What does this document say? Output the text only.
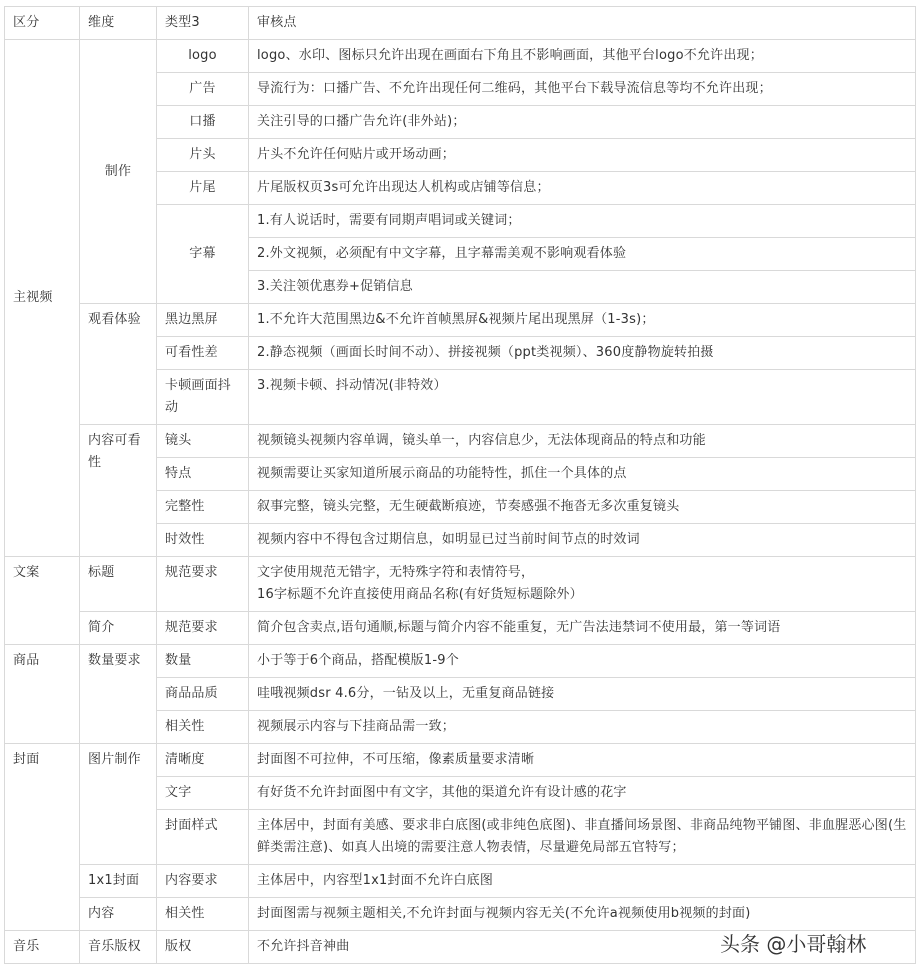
区分	维度	类型3	审核点
主视频	制作	logo	logo、水印、图标只允许出现在画面右下角且不影响画面，其他平台logo不允许出现；
		广告	导流行为：口播广告、不允许出现任何二维码，其他平台下载导流信息等均不允许出现；
		口播	关注引导的口播广告允许(非外站)；
		片头	片头不允许任何贴片或开场动画；
		片尾	片尾版权页3s可允许出现达人机构或店铺等信息；
		字幕	1.有人说话时，需要有同期声唱词或关键词；
			2.外文视频，必须配有中文字幕，且字幕需美观不影响观看体验
			3.关注领优惠券+促销信息
	观看体验	黑边黑屏	1.不允许大范围黑边&不允许首帧黑屏&视频片尾出现黑屏（1-3s)；
		可看性差	2.静态视频（画面长时间不动）、拼接视频（ppt类视频）、360度静物旋转拍摄
		卡顿画面抖动	3.视频卡顿、抖动情况(非特效）
	内容可看性	镜头	视频镜头视频内容单调，镜头单一，内容信息少，无法体现商品的特点和功能
		特点	视频需要让买家知道所展示商品的功能特性，抓住一个具体的点
		完整性	叙事完整，镜头完整，无生硬截断痕迹，节奏感强不拖沓无多次重复镜头
		时效性	视频内容中不得包含过期信息，如明显已过当前时间节点的时效词
文案	标题	规范要求	文字使用规范无错字，无特殊字符和表情符号，
16字标题不允许直接使用商品名称(有好货短标题除外）

	简介	规范要求	简介包含卖点,语句通顺,标题与简介内容不能重复，无广告法违禁词不使用最，第一等词语
商品	数量要求	数量	小于等于6个商品，搭配模版1-9个
		商品品质	哇哦视频dsr 4.6分，一钻及以上，无重复商品链接
		相关性	视频展示内容与下挂商品需一致；
封面	图片制作	清晰度	封面图不可拉伸，不可压缩，像素质量要求清晰
		文字	有好货不允许封面图中有文字，其他的渠道允许有设计感的花字
		封面样式	主体居中，封面有美感、要求非白底图(或非纯色底图)、非直播间场景图、非商品纯物平铺图、非血腥恶心图(生鲜类需注意)、如真人出境的需要注意人物表情，尽量避免局部五官特写；
	1x1封面	内容要求	主体居中，内容型1x1封面不允许白底图
	内容	相关性	封面图需与视频主题相关,不允许封面与视频内容无关(不允许a视频使用b视频的封面)
音乐	音乐版权	版权	不允许抖音神曲	头条 @小哥翰林
